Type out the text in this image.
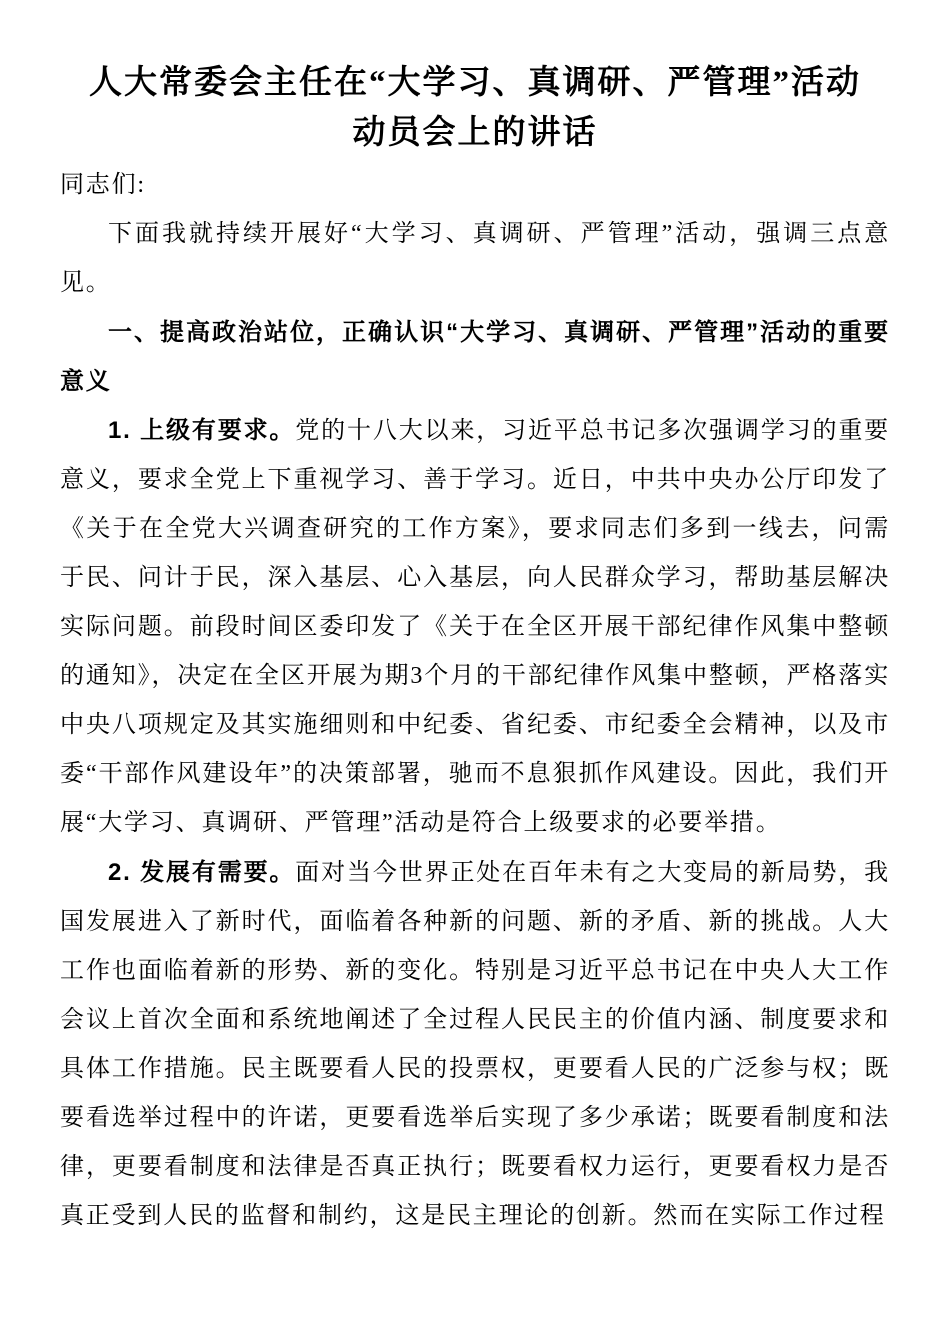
人大常委会主任在“大学习、真调研、严管理”活动
动员会上的讲话

同志们:

下面我就持续开展好“大学习、真调研、严管理”活动，强调三点意见。

一、提高政治站位，正确认识“大学习、真调研、严管理”活动的重要意义

1. 上级有要求。党的十八大以来，习近平总书记多次强调学习的重要意义，要求全党上下重视学习、善于学习。近日，中共中央办公厅印发了《关于在全党大兴调查研究的工作方案》，要求同志们多到一线去，问需于民、问计于民，深入基层、心入基层，向人民群众学习，帮助基层解决实际问题。前段时间区委印发了《关于在全区开展干部纪律作风集中整顿的通知》，决定在全区开展为期3个月的干部纪律作风集中整顿，严格落实中央八项规定及其实施细则和中纪委、省纪委、市纪委全会精神，以及市委“干部作风建设年”的决策部署，驰而不息狠抓作风建设。因此，我们开展“大学习、真调研、严管理”活动是符合上级要求的必要举措。

2. 发展有需要。面对当今世界正处在百年未有之大变局的新局势，我国发展进入了新时代，面临着各种新的问题、新的矛盾、新的挑战。人大工作也面临着新的形势、新的变化。特别是习近平总书记在中央人大工作会议上首次全面和系统地阐述了全过程人民民主的价值内涵、制度要求和具体工作措施。民主既要看人民的投票权，更要看人民的广泛参与权；既要看选举过程中的许诺，更要看选举后实现了多少承诺；既要看制度和法律，更要看制度和法律是否真正执行；既要看权力运行，更要看权力是否真正受到人民的监督和制约，这是民主理论的创新。然而在实际工作过程
